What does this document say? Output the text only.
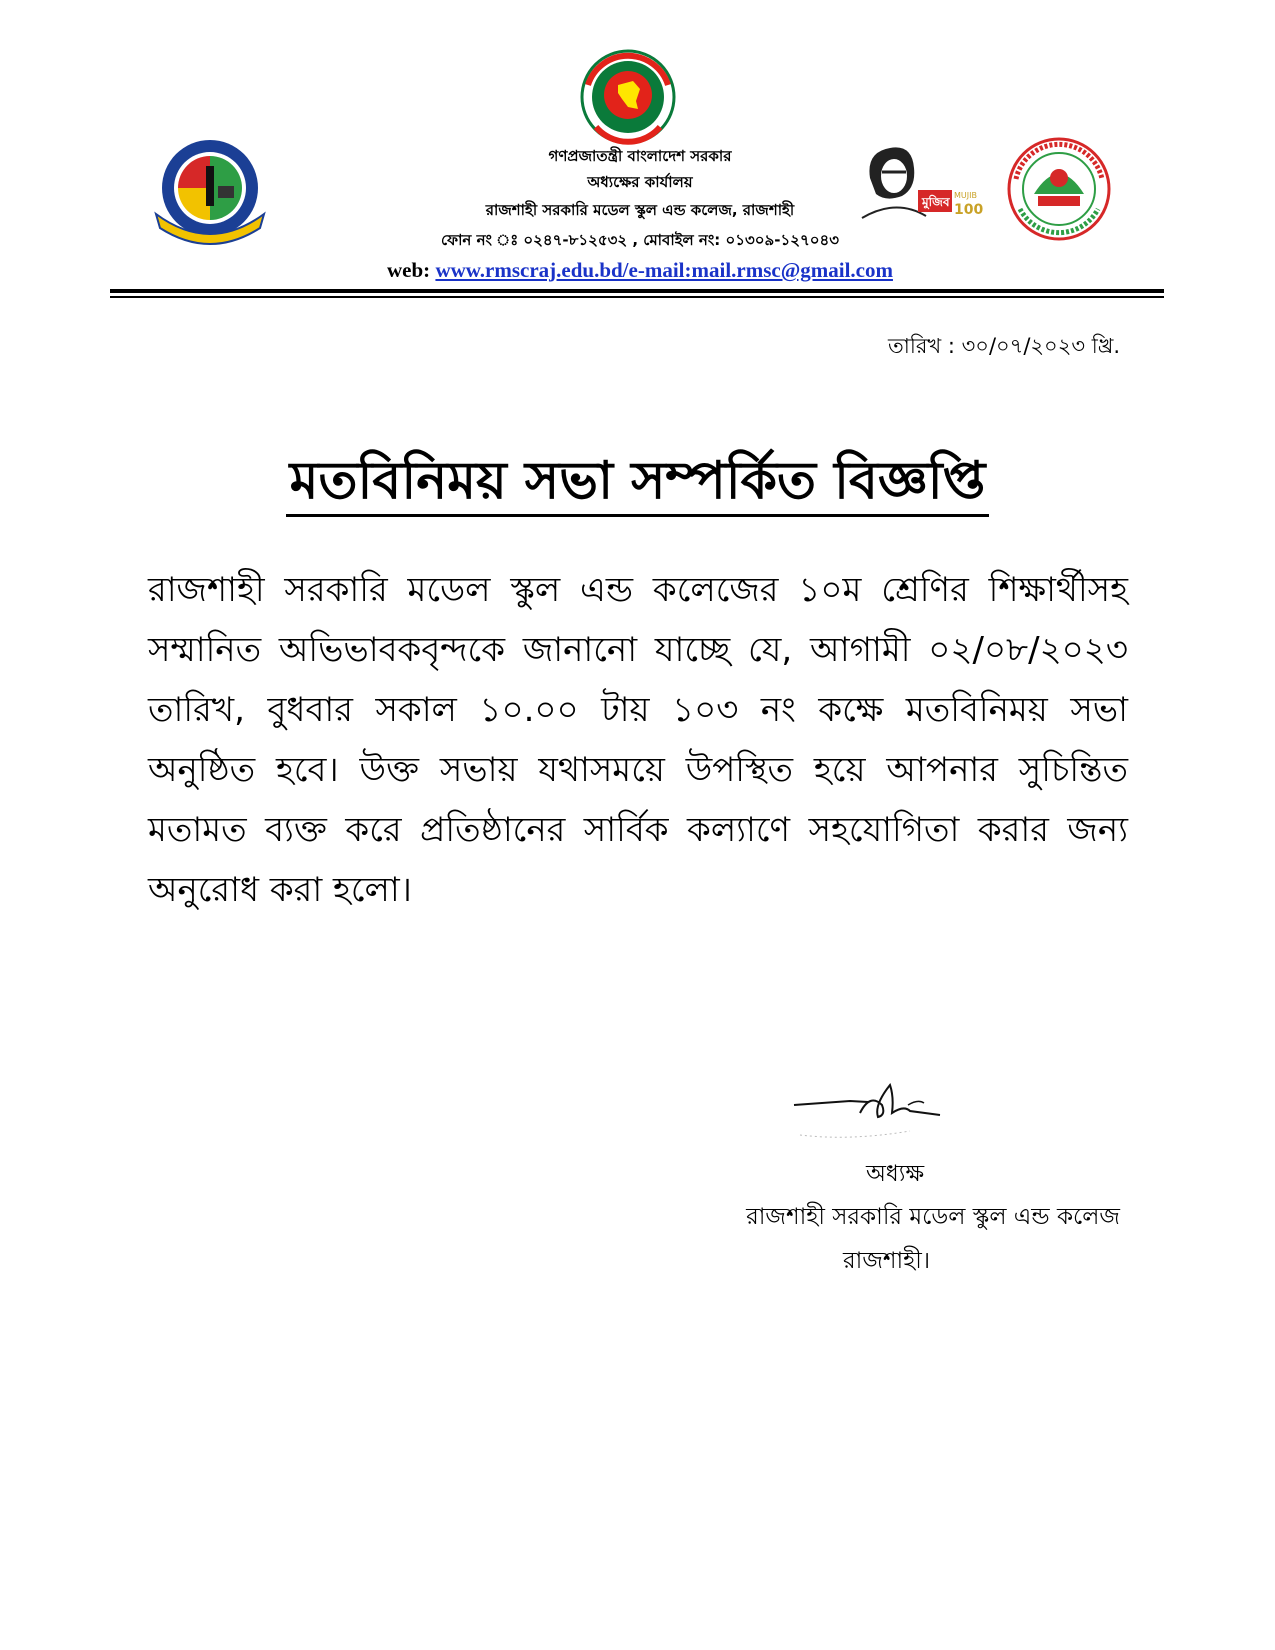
মুজিব MUJIB
100
গণপ্রজাতন্ত্রী বাংলাদেশ সরকার
অধ্যক্ষের কার্যালয়
রাজশাহী সরকারি মডেল স্কুল এন্ড কলেজ, রাজশাহী
ফোন নং ঃ ০২৪৭-৮১২৫৩২ , মোবাইল নং: ০১৩০৯-১২৭০৪৩
web: www.rmscraj.edu.bd/e-mail:mail.rmsc@gmail.com
তারিখ : ৩০/০৭/২০২৩ খ্রি.
মতবিনিময় সভা সম্পর্কিত বিজ্ঞপ্তি
রাজশাহী সরকারি মডেল স্কুল এন্ড কলেজের ১০ম শ্রেণির শিক্ষার্থীসহ সম্মানিত অভিভাবকবৃন্দকে জানানো যাচ্ছে যে, আগামী ০২/০৮/২০২৩ তারিখ, বুধবার সকাল ১০.০০ টায় ১০৩ নং কক্ষে মতবিনিময় সভা অনুষ্ঠিত হবে। উক্ত সভায় যথাসময়ে উপস্থিত হয়ে আপনার সুচিন্তিত মতামত ব্যক্ত করে প্রতিষ্ঠানের সার্বিক কল্যাণে সহযোগিতা করার জন্য অনুরোধ করা হলো।
অধ্যক্ষ
রাজশাহী সরকারি মডেল স্কুল এন্ড কলেজ
রাজশাহী।
